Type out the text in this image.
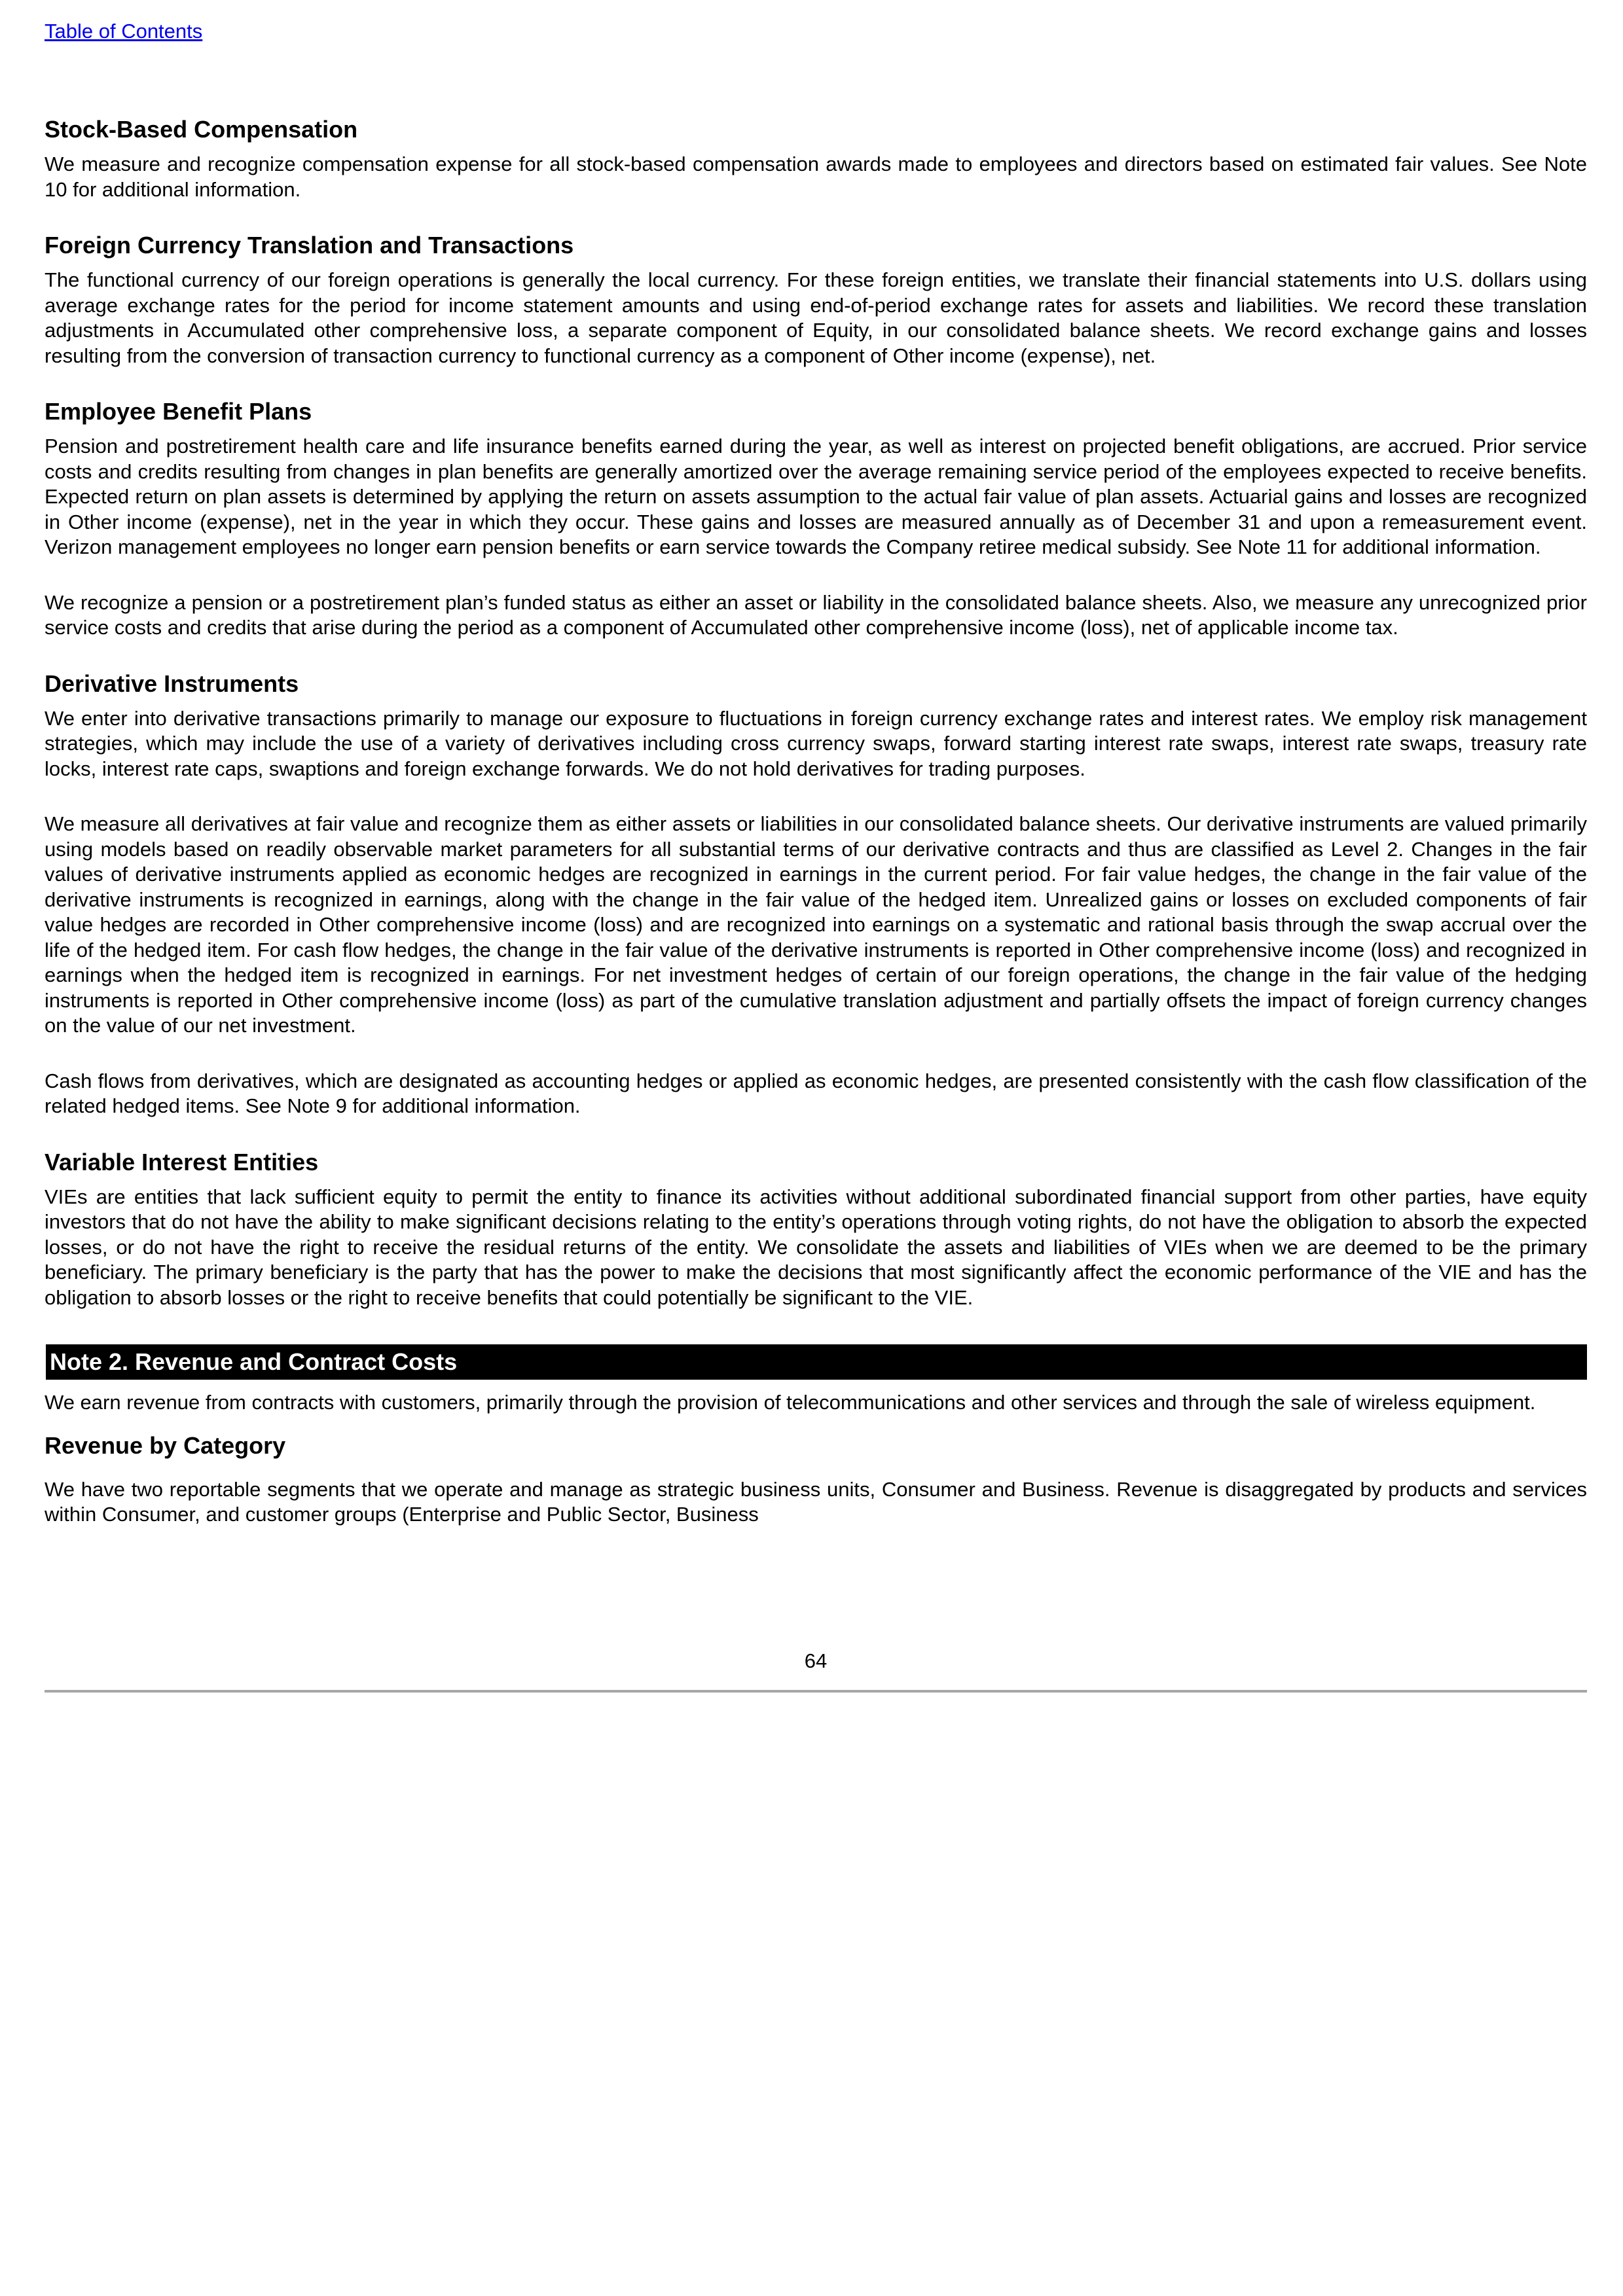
Table of Contents
Stock-Based Compensation

We measure and recognize compensation expense for all stock-based compensation awards made to employees and directors based on estimated fair values. See Note 10 for additional information.

Foreign Currency Translation and Transactions

The functional currency of our foreign operations is generally the local currency. For these foreign entities, we translate their financial statements into U.S. dollars using average exchange rates for the period for income statement amounts and using end-of-period exchange rates for assets and liabilities. We record these translation adjustments in Accumulated other comprehensive loss, a separate component of Equity, in our consolidated balance sheets. We record exchange gains and losses resulting from the conversion of transaction currency to functional currency as a component of Other income (expense), net.

Employee Benefit Plans

Pension and postretirement health care and life insurance benefits earned during the year, as well as interest on projected benefit obligations, are accrued. Prior service costs and credits resulting from changes in plan benefits are generally amortized over the average remaining service period of the employees expected to receive benefits. Expected return on plan assets is determined by applying the return on assets assumption to the actual fair value of plan assets. Actuarial gains and losses are recognized in Other income (expense), net in the year in which they occur. These gains and losses are measured annually as of December 31 and upon a remeasurement event. Verizon management employees no longer earn pension benefits or earn service towards the Company retiree medical subsidy. See Note 11 for additional information.

We recognize a pension or a postretirement plan’s funded status as either an asset or liability in the consolidated balance sheets. Also, we measure any unrecognized prior service costs and credits that arise during the period as a component of Accumulated other comprehensive income (loss), net of applicable income tax.

Derivative Instruments

We enter into derivative transactions primarily to manage our exposure to fluctuations in foreign currency exchange rates and interest rates. We employ risk management strategies, which may include the use of a variety of derivatives including cross currency swaps, forward starting interest rate swaps, interest rate swaps, treasury rate locks, interest rate caps, swaptions and foreign exchange forwards. We do not hold derivatives for trading purposes.

We measure all derivatives at fair value and recognize them as either assets or liabilities in our consolidated balance sheets. Our derivative instruments are valued primarily using models based on readily observable market parameters for all substantial terms of our derivative contracts and thus are classified as Level 2. Changes in the fair values of derivative instruments applied as economic hedges are recognized in earnings in the current period. For fair value hedges, the change in the fair value of the derivative instruments is recognized in earnings, along with the change in the fair value of the hedged item. Unrealized gains or losses on excluded components of fair value hedges are recorded in Other comprehensive income (loss) and are recognized into earnings on a systematic and rational basis through the swap accrual over the life of the hedged item. For cash flow hedges, the change in the fair value of the derivative instruments is reported in Other comprehensive income (loss) and recognized in earnings when the hedged item is recognized in earnings. For net investment hedges of certain of our foreign operations, the change in the fair value of the hedging instruments is reported in Other comprehensive income (loss) as part of the cumulative translation adjustment and partially offsets the impact of foreign currency changes on the value of our net investment.

Cash flows from derivatives, which are designated as accounting hedges or applied as economic hedges, are presented consistently with the cash flow classification of the related hedged items. See Note 9 for additional information.

Variable Interest Entities

VIEs are entities that lack sufficient equity to permit the entity to finance its activities without additional subordinated financial support from other parties, have equity investors that do not have the ability to make significant decisions relating to the entity’s operations through voting rights, do not have the obligation to absorb the expected losses, or do not have the right to receive the residual returns of the entity. We consolidate the assets and liabilities of VIEs when we are deemed to be the primary beneficiary. The primary beneficiary is the party that has the power to make the decisions that most significantly affect the economic performance of the VIE and has the obligation to absorb losses or the right to receive benefits that could potentially be significant to the VIE.

Note 2. Revenue and Contract Costs

We earn revenue from contracts with customers, primarily through the provision of telecommunications and other services and through the sale of wireless equipment.

Revenue by Category

We have two reportable segments that we operate and manage as strategic business units, Consumer and Business. Revenue is disaggregated by products and services within Consumer, and customer groups (Enterprise and Public Sector, Business

64
